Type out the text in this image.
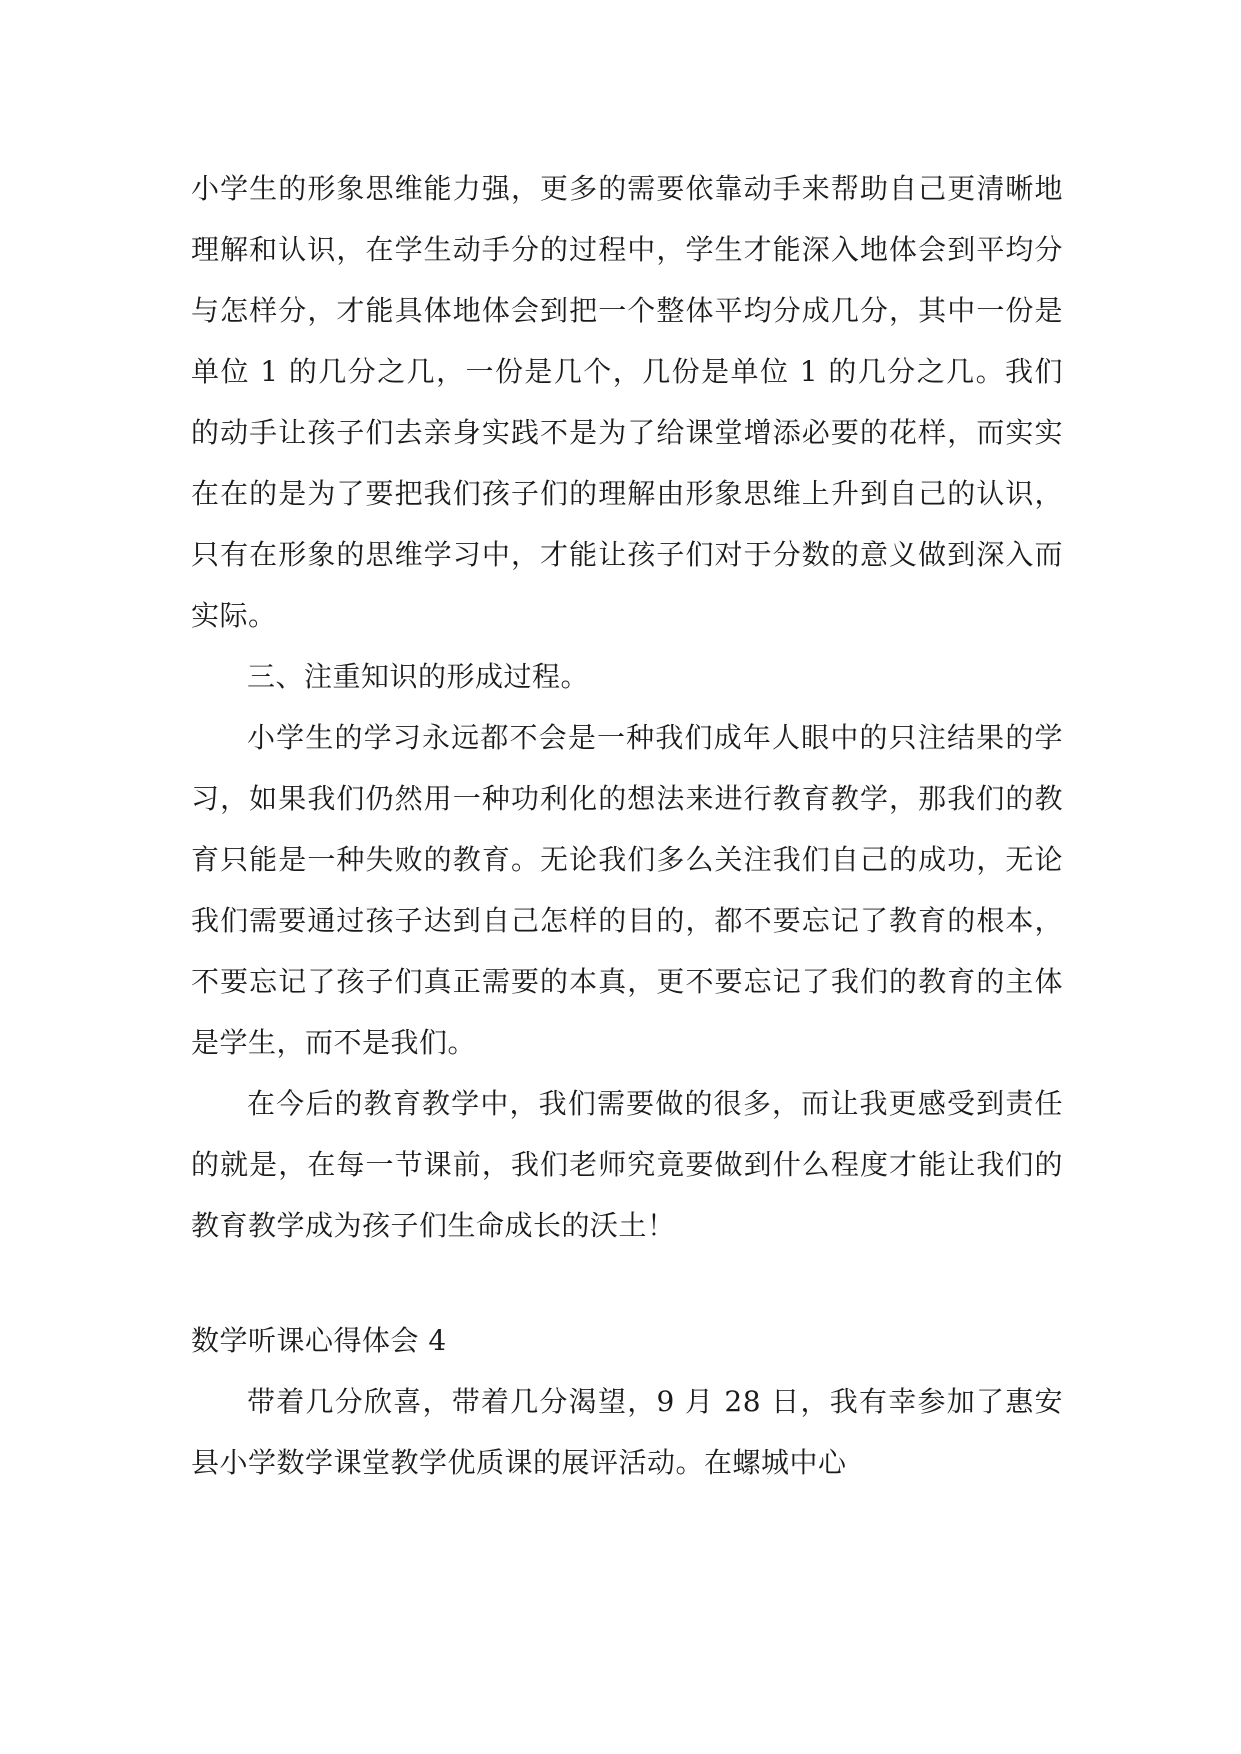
小学生的形象思维能力强，更多的需要依靠动手来帮助自己更清晰地理解和认识，在学生动手分的过程中，学生才能深入地体会到平均分与怎样分，才能具体地体会到把一个整体平均分成几分，其中一份是单位 1 的几分之几，一份是几个，几份是单位 1 的几分之几。我们的动手让孩子们去亲身实践不是为了给课堂增添必要的花样，而实实在在的是为了要把我们孩子们的理解由形象思维上升到自己的认识，只有在形象的思维学习中，才能让孩子们对于分数的意义做到深入而实际。

三、注重知识的形成过程。

小学生的学习永远都不会是一种我们成年人眼中的只注结果的学习，如果我们仍然用一种功利化的想法来进行教育教学，那我们的教育只能是一种失败的教育。无论我们多么关注我们自己的成功，无论我们需要通过孩子达到自己怎样的目的，都不要忘记了教育的根本，不要忘记了孩子们真正需要的本真，更不要忘记了我们的教育的主体是学生，而不是我们。

在今后的教育教学中，我们需要做的很多，而让我更感受到责任的就是，在每一节课前，我们老师究竟要做到什么程度才能让我们的教育教学成为孩子们生命成长的沃土！

数学听课心得体会 4

带着几分欣喜，带着几分渴望，9 月 28 日，我有幸参加了惠安县小学数学课堂教学优质课的展评活动。在螺城中心
